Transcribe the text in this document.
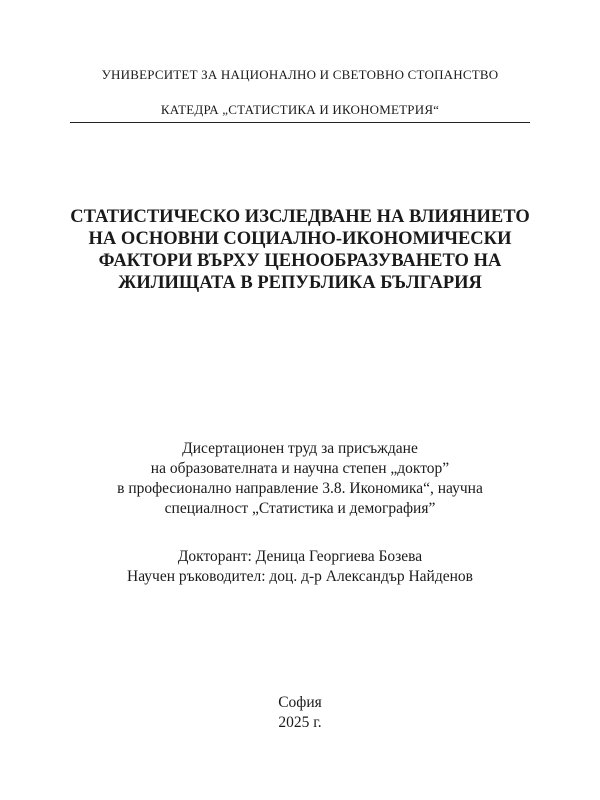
УНИВЕРСИТЕТ ЗА НАЦИОНАЛНО И СВЕТОВНО СТОПАНСТВО
КАТЕДРА „СТАТИСТИКА И ИКОНОМЕТРИЯ“
СТАТИСТИЧЕСКО ИЗСЛЕДВАНЕ НА ВЛИЯНИЕТО
НА ОСНОВНИ СОЦИАЛНО-ИКОНОМИЧЕСКИ
ФАКТОРИ ВЪРХУ ЦЕНООБРАЗУВАНЕТО НА
ЖИЛИЩАТА В РЕПУБЛИКА БЪЛГАРИЯ
Дисертационен труд за присъждане
на образователната и научна степен „доктор”
в професионално направление 3.8. Икономика“, научна
специалност „Статистика и демография”
Докторант: Деница Георгиева Бозева
Научен ръководител: доц. д-р Александър Найденов
София
2025 г.
